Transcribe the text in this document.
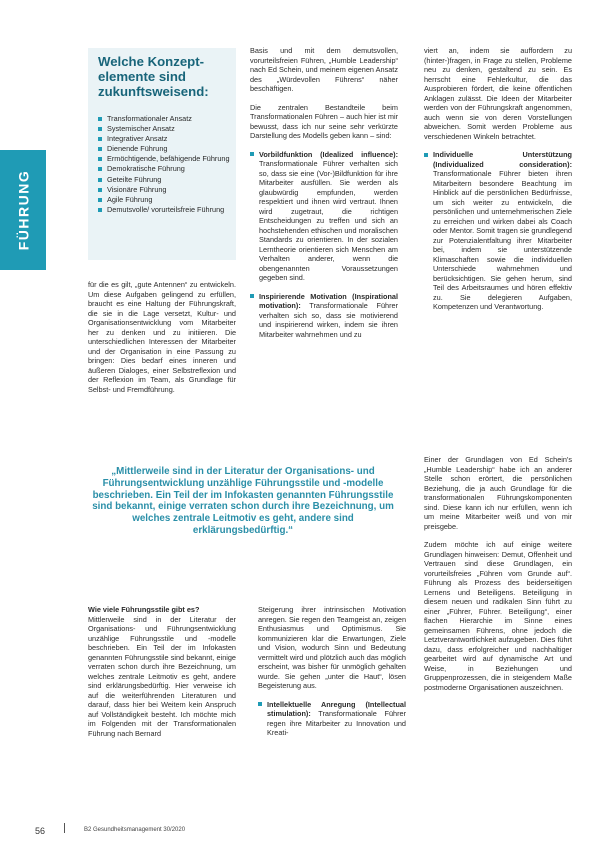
FÜHRUNG
Welche Konzept-elemente sind zukunftsweisend:
Transformationaler Ansatz
Systemischer Ansatz
Integrativer Ansatz
Dienende Führung
Ermöchtigende, befähigende Führung
Demokratische Führung
Geteilte Führung
Visionäre Führung
Agile Führung
Demutsvolle/ vorurteilsfreie Führung

für die es gilt, „gute Antennen“ zu entwickeln. Um diese Aufgaben gelingend zu erfüllen, braucht es eine Haltung der Führungskraft, die sie in die Lage versetzt, Kultur- und Organisationsentwicklung vom Mitarbeiter her zu denken und zu initiieren. Die unterschiedlichen Interessen der Mitarbeiter und der Organisation in eine Passung zu bringen: Dies bedarf eines inneren und äußeren Dialoges, einer Selbstreflexion und der Reflexion im Team, als Grundlage für Selbst- und Fremdführung.

Basis und mit dem demutsvollen, vorurteilsfreien Führen, „Humble Leadership“ nach Ed Schein, und meinem eigenen Ansatz des „Würdevollen Führens“ näher beschäftigen.

Die zentralen Bestandteile beim Transformationalen Führen – auch hier ist mir bewusst, dass ich nur seine sehr verkürzte Darstellung des Modells geben kann – sind:

Vorbildfunktion (Idealized influence): Transformationale Führer verhalten sich so, dass sie eine (Vor-)Bildfunktion für ihre Mitarbeiter ausfüllen. Sie werden als glaubwürdig empfunden, werden respektiert und ihnen wird vertraut. Ihnen wird zugetraut, die richtigen Entscheidungen zu treffen und sich an hochstehenden ethischen und moralischen Standards zu orientieren. In der sozialen Lerntheorie orientieren sich Menschen am Verhalten anderer, wenn die obengenannten Voraussetzungen gegeben sind.
Inspirierende Motivation (Inspirational motivation): Transformationale Führer verhalten sich so, dass sie motivierend und inspirierend wirken, indem sie ihren Mitarbeiter wahrnehmen und zu

viert an, indem sie auffordern zu (hinter-)fragen, in Frage zu stellen, Probleme neu zu denken, gestaltend zu sein. Es herrscht eine Fehlerkultur, die das Ausprobieren fördert, die keine öffentlichen Anklagen zulässt. Die Ideen der Mitarbeiter werden von der Führungskraft angenommen, auch wenn sie von deren Vorstellungen abweichen. Somit werden Probleme aus verschiedenen Winkeln betrachtet.

Individuelle Unterstützung (Individualized consideration): Transformationale Führer bieten ihren Mitarbeitern besondere Beachtung im Hinblick auf die persönlichen Bedürfnisse, um sich weiter zu entwickeln, die persönlichen und unternehmerischen Ziele zu erreichen und wirken dabei als Coach oder Mentor. Somit tragen sie grundlegend zur Potenzialentfaltung ihrer Mitarbeiter bei, indem sie unterstützende Klimaschaften sowie die individuellen Unterschiede wahrnehmen und berücksichtigen. Sie gehen herum, sind Teil des Arbeitsraumes und hören effektiv zu. Sie delegieren Aufgaben, Kompetenzen und Verantwortung.
„Mittlerweile sind in der Literatur der Organisations- und Führungsentwicklung unzählige Führungsstile und -modelle beschrieben. Ein Teil der im Infokasten genannten Führungsstile sind bekannt, einige verraten schon durch ihre Bezeichnung, um welches zentrale Leitmotiv es geht, andere sind erklärungsbedürftig.“

Einer der Grundlagen von Ed Schein's „Humble Leadership“ habe ich an anderer Stelle schon erörtert, die persönlichen Beziehung, die ja auch Grundlage für die transformationalen Führungskomponenten sind. Diese kann ich nur erfüllen, wenn ich um meine Mitarbeiter weiß und von mir preisgebe.

Zudem möchte ich auf einige weitere Grundlagen hinweisen: Demut, Offenheit und Vertrauen sind diese Grundlagen, ein vorurteilsfreies „Führen vom Grunde auf“. Führung als Prozess des beiderseitigen Lernens und Beteiligens. Beteiligung in diesem neuen und radikalen Sinn führt zu einer „Führer, Führer. Beteiligung“, einer flachen Hierarchie im Sinne eines gemeinsamen Führens, ohne jedoch die Letztverantwortlichkeit aufzugeben. Dies führt dazu, dass erfolgreicher und nachhaltiger gearbeitet wird auf dynamische Art und Weise, in Beziehungen und Gruppenprozessen, die in steigendem Maße postmoderne Organisationen auszeichnen.

Wie viele Führungsstile gibt es?

Mittlerweile sind in der Literatur der Organisations- und Führungsentwicklung unzählige Führungsstile und -modelle beschrieben. Ein Teil der im Infokasten genannten Führungsstile sind bekannt, einige verraten schon durch ihre Bezeichnung, um welches zentrale Leitmotiv es geht, andere sind erklärungsbedürftig. Hier verweise ich auf die weiterführenden Literaturen und darauf, dass hier bei Weitem kein Anspruch auf Vollständigkeit besteht. Ich möchte mich im Folgenden mit der Transformationalen Führung nach Bernard

Steigerung ihrer intrinsischen Motivation anregen. Sie regen den Teamgeist an, zeigen Enthusiasmus und Optimismus. Sie kommunizieren klar die Erwartungen, Ziele und Vision, wodurch Sinn und Bedeutung vermittelt wird und plötzlich auch das möglich erscheint, was bisher für unmöglich gehalten wurde. Sie gehen „unter die Haut“, lösen Begeisterung aus.

Intellektuelle Anregung (Intellectual stimulation): Transformationale Führer regen ihre Mitarbeiter zu Innovation und Kreati-
56	B2 Gesundheitsmanagement 30/2020
